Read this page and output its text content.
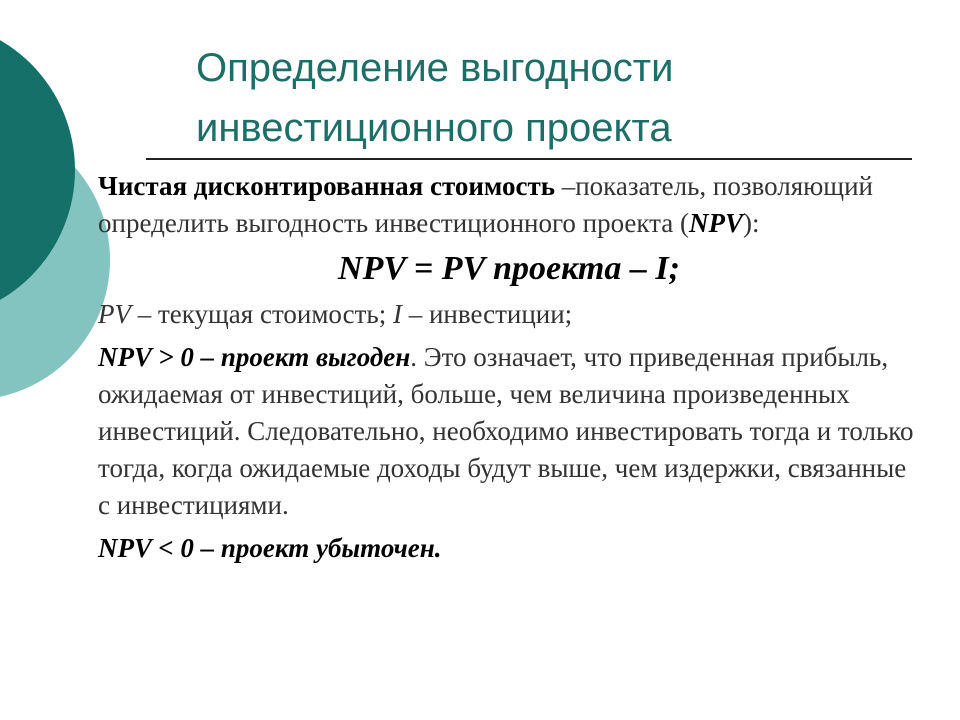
Определение выгодности
инвестиционного проекта

Чистая дисконтированная стоимость –показатель, позволяющий определить выгодность инвестиционного проекта (NPV):

NPV = PV проекта – I;

PV – текущая стоимость; I – инвестиции;

NPV > 0 – проект выгоден. Это означает, что приведенная прибыль, ожидаемая от инвестиций, больше, чем величина произведенных инвестиций. Следовательно, необходимо инвестировать тогда и только тогда, когда ожидаемые доходы будут выше, чем издержки, связанные с инвестициями.

NPV < 0 – проект убыточен.
